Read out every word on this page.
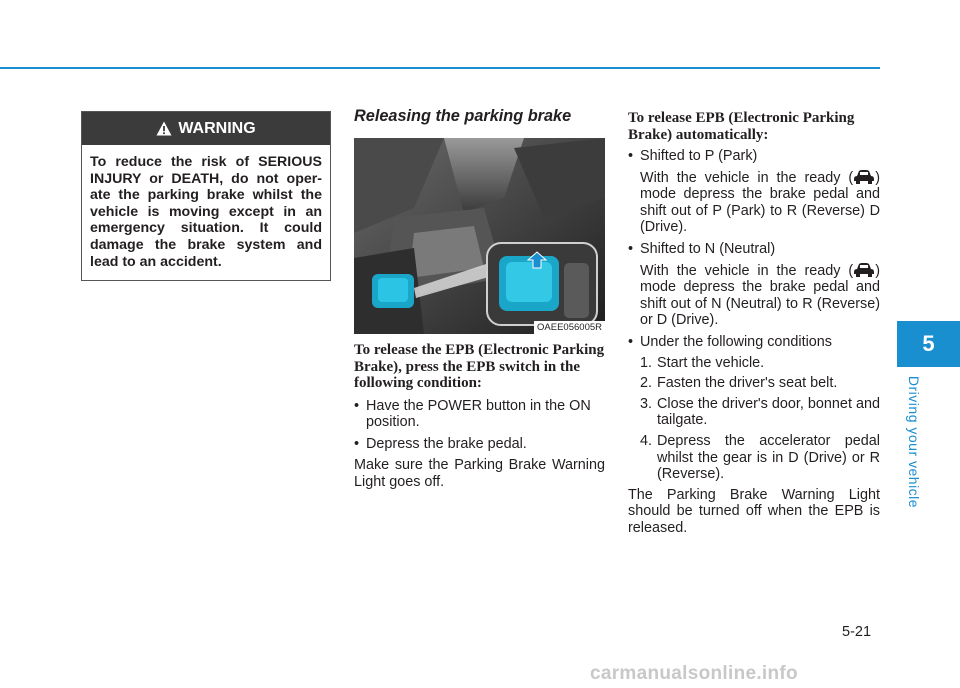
5
Driving your vehicle
WARNING
To reduce the risk of SERIOUS INJURY or DEATH, do not oper-ate the parking brake whilst the vehicle is moving except in an emergency situation. It could damage the brake system and lead to an accident.

Releasing the parking brake

OAEE056005R
To release the EPB (Electronic Parking Brake), press the EPB switch in the following condition:
• Have the POWER button in the ON position.
• Depress the brake pedal.
Make sure the Parking Brake Warning Light goes off.
To release EPB (Electronic Parking Brake) automatically:
• Shifted to P (Park)
With the vehicle in the ready ( ) mode depress the brake pedal and shift out of P (Park) to R (Reverse) D (Drive).
• Shifted to N (Neutral)
With the vehicle in the ready ( ) mode depress the brake pedal and shift out of N (Neutral) to R (Reverse) or D (Drive).
• Under the following conditions
1. Start the vehicle.
2. Fasten the driver's seat belt.
3. Close the driver's door, bonnet and tailgate.
4. Depress the accelerator pedal whilst the gear is in D (Drive) or R (Reverse).
The Parking Brake Warning Light should be turned off when the EPB is released.
5-21
carmanualsonline.info
